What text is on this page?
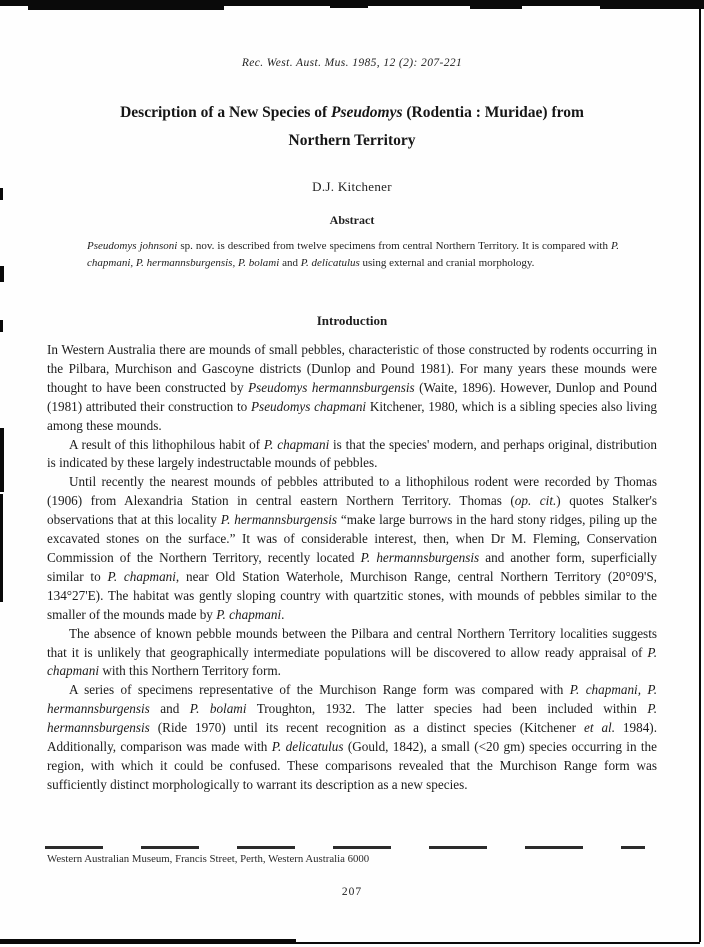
Rec. West. Aust. Mus. 1985, 12 (2): 207-221
Description of a New Species of Pseudomys (Rodentia : Muridae) from
Northern Territory
D.J. Kitchener
Abstract
Pseudomys johnsoni sp. nov. is described from twelve specimens from central Northern Territory. It is compared with P. chapmani, P. hermannsburgensis, P. bolami and P. delicatulus using external and cranial morphology.
Introduction

In Western Australia there are mounds of small pebbles, characteristic of those constructed by rodents occurring in the Pilbara, Murchison and Gascoyne districts (Dunlop and Pound 1981). For many years these mounds were thought to have been constructed by Pseudomys hermannsburgensis (Waite, 1896). However, Dunlop and Pound (1981) attributed their construction to Pseudomys chapmani Kitchener, 1980, which is a sibling species also living among these mounds.

A result of this lithophilous habit of P. chapmani is that the species' modern, and perhaps original, distribution is indicated by these largely indestructable mounds of pebbles.

Until recently the nearest mounds of pebbles attributed to a lithophilous rodent were recorded by Thomas (1906) from Alexandria Station in central eastern Northern Territory. Thomas (op. cit.) quotes Stalker's observations that at this locality P. hermannsburgensis “make large burrows in the hard stony ridges, piling up the excavated stones on the surface.” It was of considerable interest, then, when Dr M. Fleming, Conservation Commission of the Northern Territory, recently located P. hermannsburgensis and another form, superficially similar to P. chapmani, near Old Station Waterhole, Murchison Range, central Northern Territory (20°09'S, 134°27'E). The habitat was gently sloping country with quartzitic stones, with mounds of pebbles similar to the smaller of the mounds made by P. chapmani.

The absence of known pebble mounds between the Pilbara and central Northern Territory localities suggests that it is unlikely that geographically intermediate populations will be discovered to allow ready appraisal of P. chapmani with this Northern Territory form.

A series of specimens representative of the Murchison Range form was compared with P. chapmani, P. hermannsburgensis and P. bolami Troughton, 1932. The latter species had been included within P. hermannsburgensis (Ride 1970) until its recent recognition as a distinct species (Kitchener et al. 1984). Additionally, comparison was made with P. delicatulus (Gould, 1842), a small (<20 gm) species occurring in the region, with which it could be confused. These comparisons revealed that the Murchison Range form was sufficiently distinct morphologically to warrant its description as a new species.

Western Australian Museum, Francis Street, Perth, Western Australia 6000
207
